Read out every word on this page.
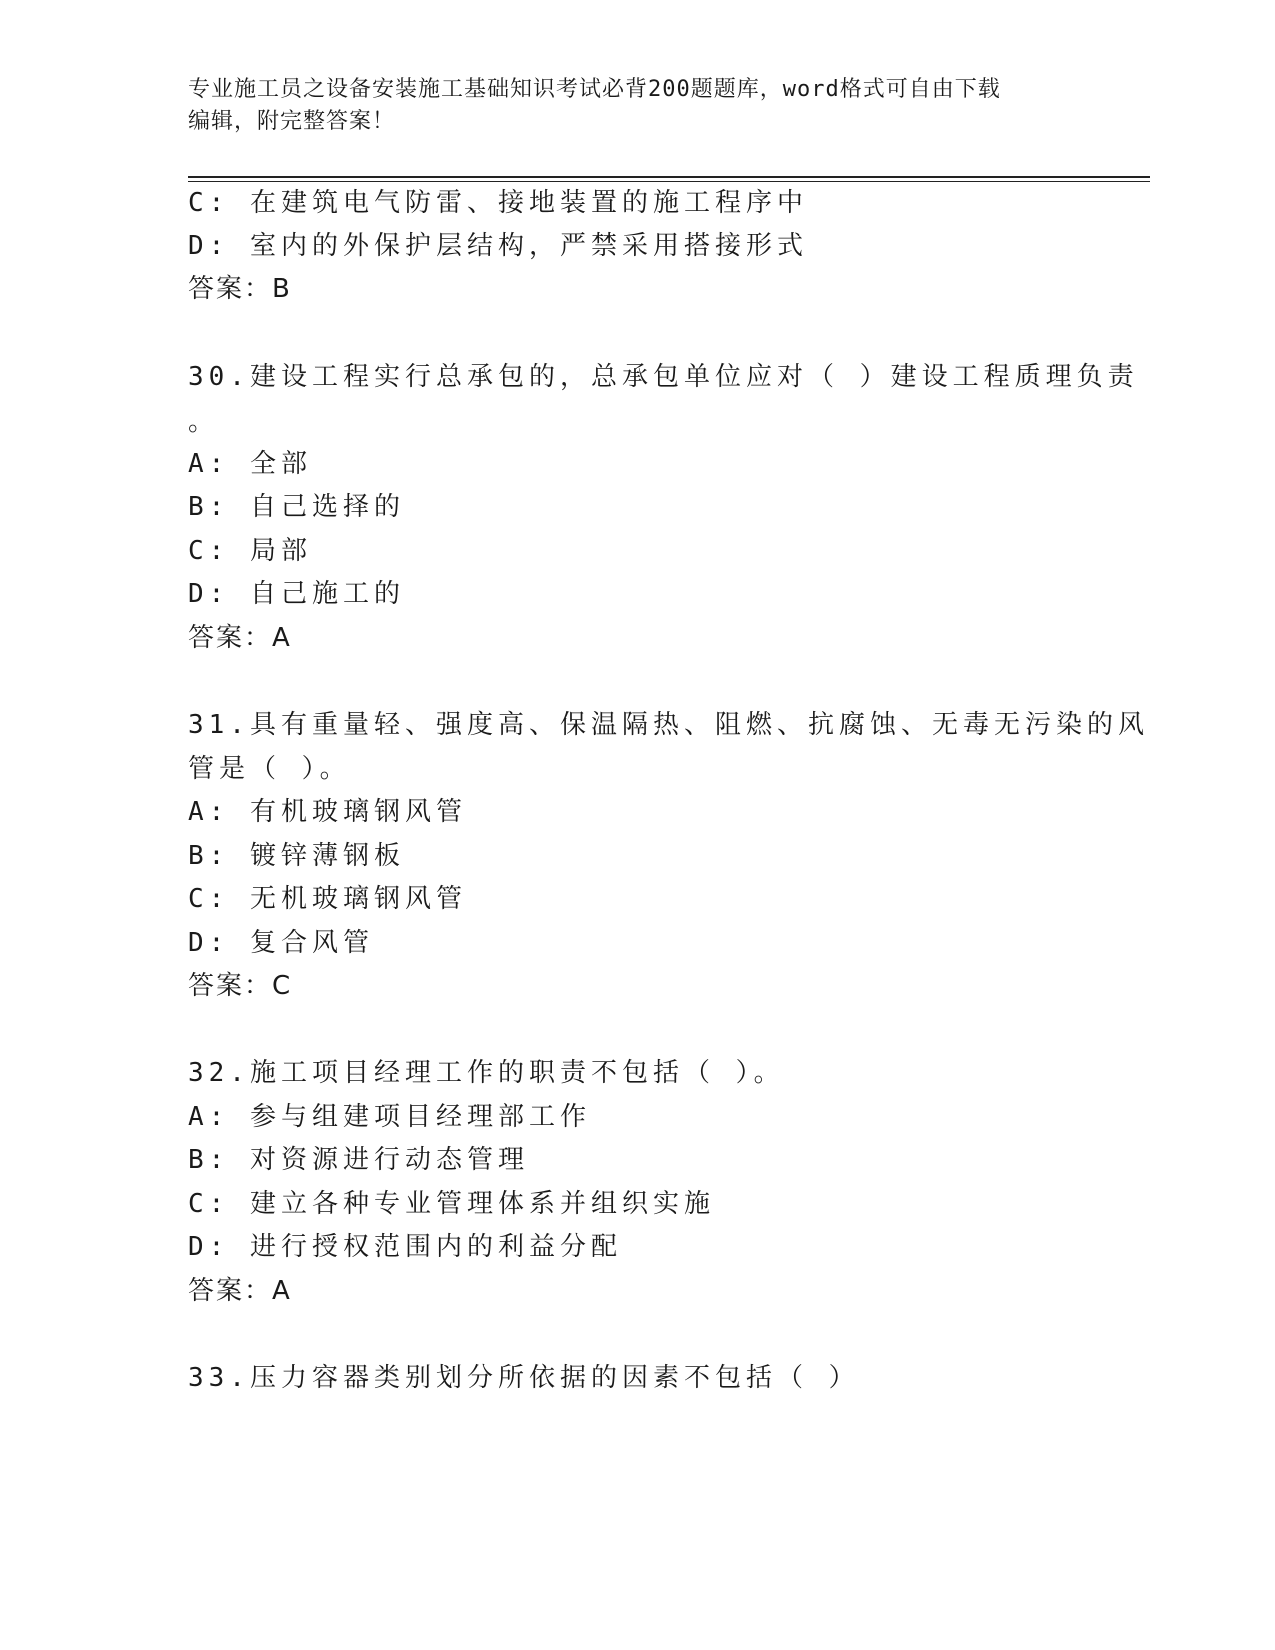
专业施工员之设备安装施工基础知识考试必背200题题库，word格式可自由下载
编辑，附完整答案！
C: 在建筑电气防雷、接地装置的施工程序中
D: 室内的外保护层结构，严禁采用搭接形式
答案：B
30.建设工程实行总承包的，总承包单位应对（ ）建设工程质理负责
。
A: 全部
B: 自己选择的
C: 局部
D: 自己施工的
答案：A
31.具有重量轻、强度高、保温隔热、阻燃、抗腐蚀、无毒无污染的风
管是（ ）。
A: 有机玻璃钢风管
B: 镀锌薄钢板
C: 无机玻璃钢风管
D: 复合风管
答案：C
32.施工项目经理工作的职责不包括（ ）。
A: 参与组建项目经理部工作
B: 对资源进行动态管理
C: 建立各种专业管理体系并组织实施
D: 进行授权范围内的利益分配
答案：A
33.压力容器类别划分所依据的因素不包括（ ）
